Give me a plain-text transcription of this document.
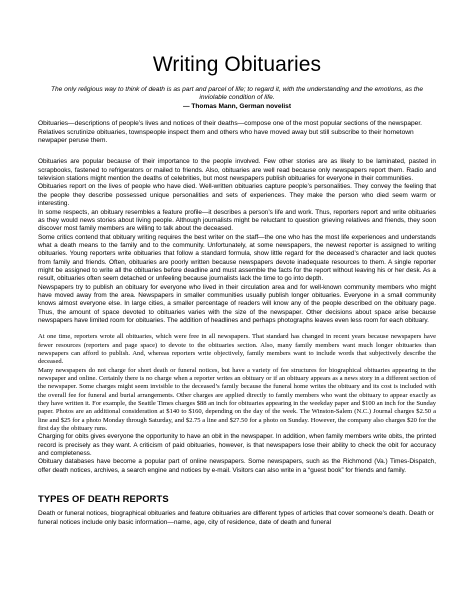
Writing Obituaries
The only religious way to think of death is as part and parcel of life; to regard it, with the understanding and the emotions, as the inviolable condition of life.
— Thomas Mann, German novelist
Obituaries—descriptions of people’s lives and notices of their deaths—compose one of the most popular sections of the newspaper. Relatives scrutinize obituaries, townspeople inspect them and others who have moved away but still subscribe to their hometown newpaper peruse them.

Obituaries are popular because of their importance to the people involved. Few other stories are as likely to be laminated, pasted in scrapbooks, fastened to refrigerators or mailed to friends. Also, obituaries are well read because only newspapers report them. Radio and television stations might mention the deaths of celebrities, but most newspapers publish obituaries for everyone in their communities.

Obituaries report on the lives of people who have died. Well-written obituaries capture people’s personalities. They convey the feeling that the people they describe possessed unique personalities and sets of experiences. They make the person who died seem warm or interesting.

In some respects, an obituary resembles a feature profile—it describes a person’s life and work. Thus, reporters report and write obituaries as they would news stories about living people. Although journalists might be reluctant to question grieving relatives and friends, they soon discover most family members are willing to talk about the deceased.

Some critics contend that obituary writing requires the best writer on the staff—the one who has the most life experiences and understands what a death means to the family and to the community. Unfortunately, at some newspapers, the newest reporter is assigned to writing obituaries. Young reporters write obituaries that follow a standard formula, show little regard for the deceased’s character and lack quotes from family and friends. Often, obituaries are poorly written because newspapers devote inadequate resources to them. A single reporter might be assigned to write all the obituaries before deadline and must assemble the facts for the report without leaving his or her desk. As a result, obituaries often seem detached or unfeeling because journalists lack the time to go into depth.

Newspapers try to publish an obituary for everyone who lived in their circulation area and for well-known community members who might have moved away from the area. Newspapers in smaller communities usually publish longer obituaries. Everyone in a small community knows almost everyone else. In large cities, a smaller percentage of readers will know any of the people described on the obituary page. Thus, the amount of space devoted to obituaries varies with the size of the newspaper. Other decisions about space arise because newspapers have limited room for obituaries. The addition of headlines and perhaps photographs leaves even less room for each obituary.

At one time, reporters wrote all obituaries, which were free in all newspapers. That standard has changed in recent years because newspapers have fewer resources (reporters and page space) to devote to the obituaries section. Also, many family members want much longer obituaries than newspapers can afford to publish. And, whereas reporters write objectively, family members want to include words that subjectively describe the deceased.

Many newspapers do not charge for short death or funeral notices, but have a variety of fee structures for biographical obituaries appearing in the newspaper and online. Certainly there is no charge when a reporter writes an obituary or if an obituary appears as a news story in a different section of the newspaper. Some charges might seem invisible to the deceased’s family because the funeral home writes the obituary and its cost is included with the overall fee for funeral and burial arrangements. Other charges are applied directly to family members who want the obituary to appear exactly as they have written it. For example, the Seattle Times charges $88 an inch for obituaries appearing in the weekday paper and $100 an inch for the Sunday paper. Photos are an additional consideration at $140 to $160, depending on the day of the week. The Winston-Salem (N.C.) Journal charges $2.50 a line and $25 for a photo Monday through Saturday, and $2.75 a line and $27.50 for a photo on Sunday. However, the company also charges $20 for the first day the obituary runs.

Charging for obits gives everyone the opportunity to have an obit in the newspaper. In addition, when family members write obits, the printed record is precisely as they want. A criticism of paid obituaries, however, is that newspapers lose their ability to check the obit for accuracy and completeness.

Obituary databases have become a popular part of online newspapers. Some newspapers, such as the Richmond (Va.) Times-Dispatch, offer death notices, archives, a search engine and notices by e-mail. Visitors can also write in a “guest book” for friends and family.

TYPES OF DEATH REPORTS

Death or funeral notices, biographical obituaries and feature obituaries are different types of articles that cover someone’s death. Death or funeral notices include only basic information—name, age, city of residence, date of death and funeral
